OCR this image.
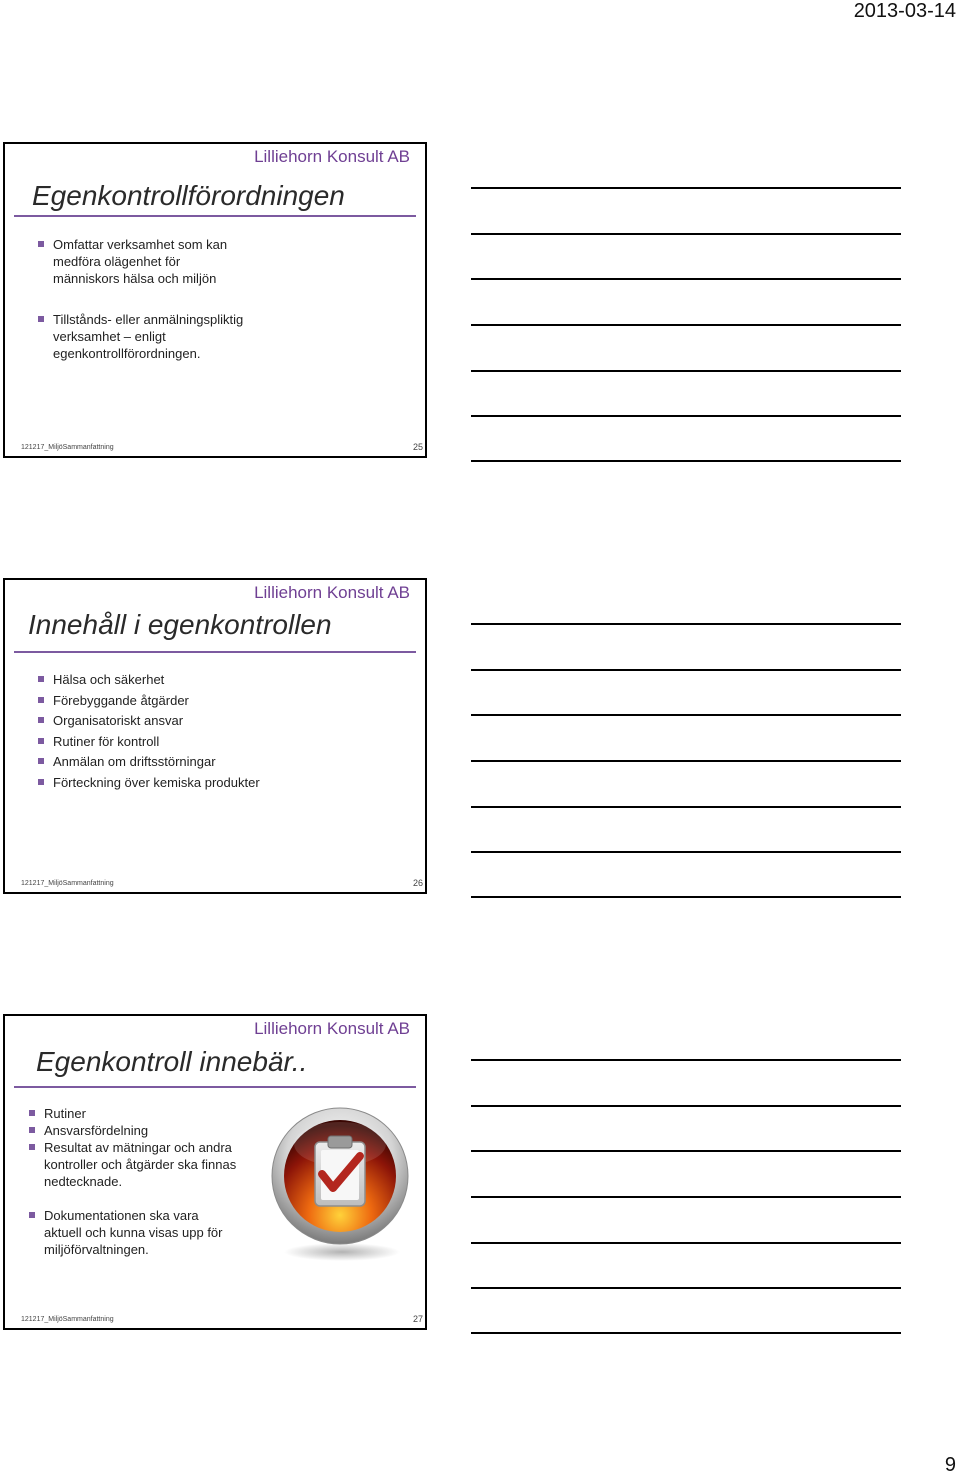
2013-03-14
Lilliehorn Konsult AB
Egenkontrollförordningen
Omfattar verksamhet som kan
medföra olägenhet för
människors hälsa och miljön
Tillstånds- eller anmälningspliktig
verksamhet – enligt
egenkontrollförordningen.
121217_MiljöSammanfattning	25
Lilliehorn Konsult AB
Innehåll i egenkontrollen
Hälsa och säkerhet
Förebyggande åtgärder
Organisatoriskt ansvar
Rutiner för kontroll
Anmälan om driftsstörningar
Förteckning över kemiska produkter
121217_MiljöSammanfattning	26
Lilliehorn Konsult AB
Egenkontroll innebär..
Rutiner
Ansvarsfördelning
Resultat av mätningar och andra
kontroller och åtgärder ska finnas
nedtecknade.
Dokumentationen ska vara
aktuell och kunna visas upp för
miljöförvaltningen.
121217_MiljöSammanfattning	27
9
